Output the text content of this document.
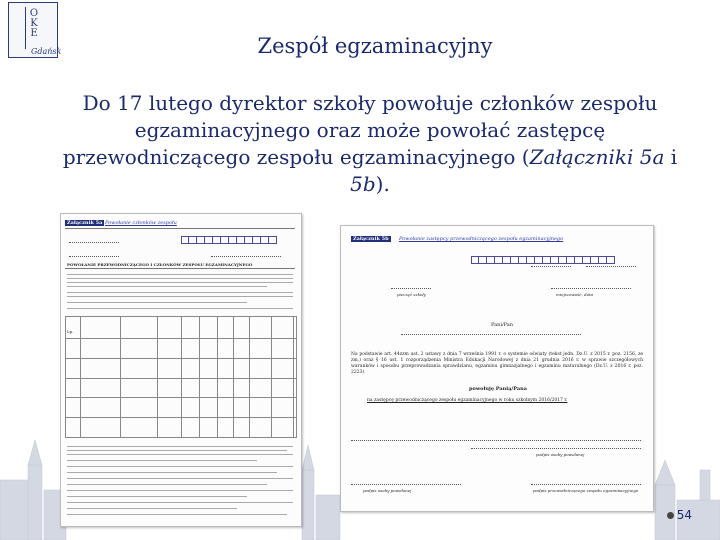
O
K
E
Gdańsk	Zespół egzaminacyjny
Do 17 lutego dyrektor szkoły powołuje członków zespołu egzaminacyjnego oraz może powołać zastępcę przewodniczącego zespołu egzaminacyjnego (Załączniki 5a i 5b).
Załącznik 5a Powołanie członków zespołu
POWOŁANIE PRZEWODNICZĄCEGO I CZŁONKÓW ZESPOŁU EGZAMINACYJNEGO
Lp.										

Załącznik 5b	Powołanie zastępcy przewodniczącego zespołu egzaminacyjnego
pieczęć szkoły	miejscowość, data
Pani/Pan
Na podstawie art. 44zzm ust. 2 ustawy z dnia 7 września 1991 r. o systemie oświaty (tekst jedn. Dz.U. z 2015 r. poz. 2156, ze zm.) oraz § 16 ust. 1 rozporządzenia Ministra Edukacji Narodowej z dnia 21 grudnia 2016 r. w sprawie szczegółowych warunków i sposobu przeprowadzania sprawdzianu, egzaminu gimnazjalnego i egzaminu maturalnego (Dz.U. z 2016 r. poz. 2223)
powołuję Panią/Pana
na zastępcę przewodniczącego zespołu egzaminacyjnego w roku szkolnym 2016/2017 r.
podpis osoby powołanej
podpis osoby powołanej	podpis przewodniczącego zespołu egzaminacyjnego
54
